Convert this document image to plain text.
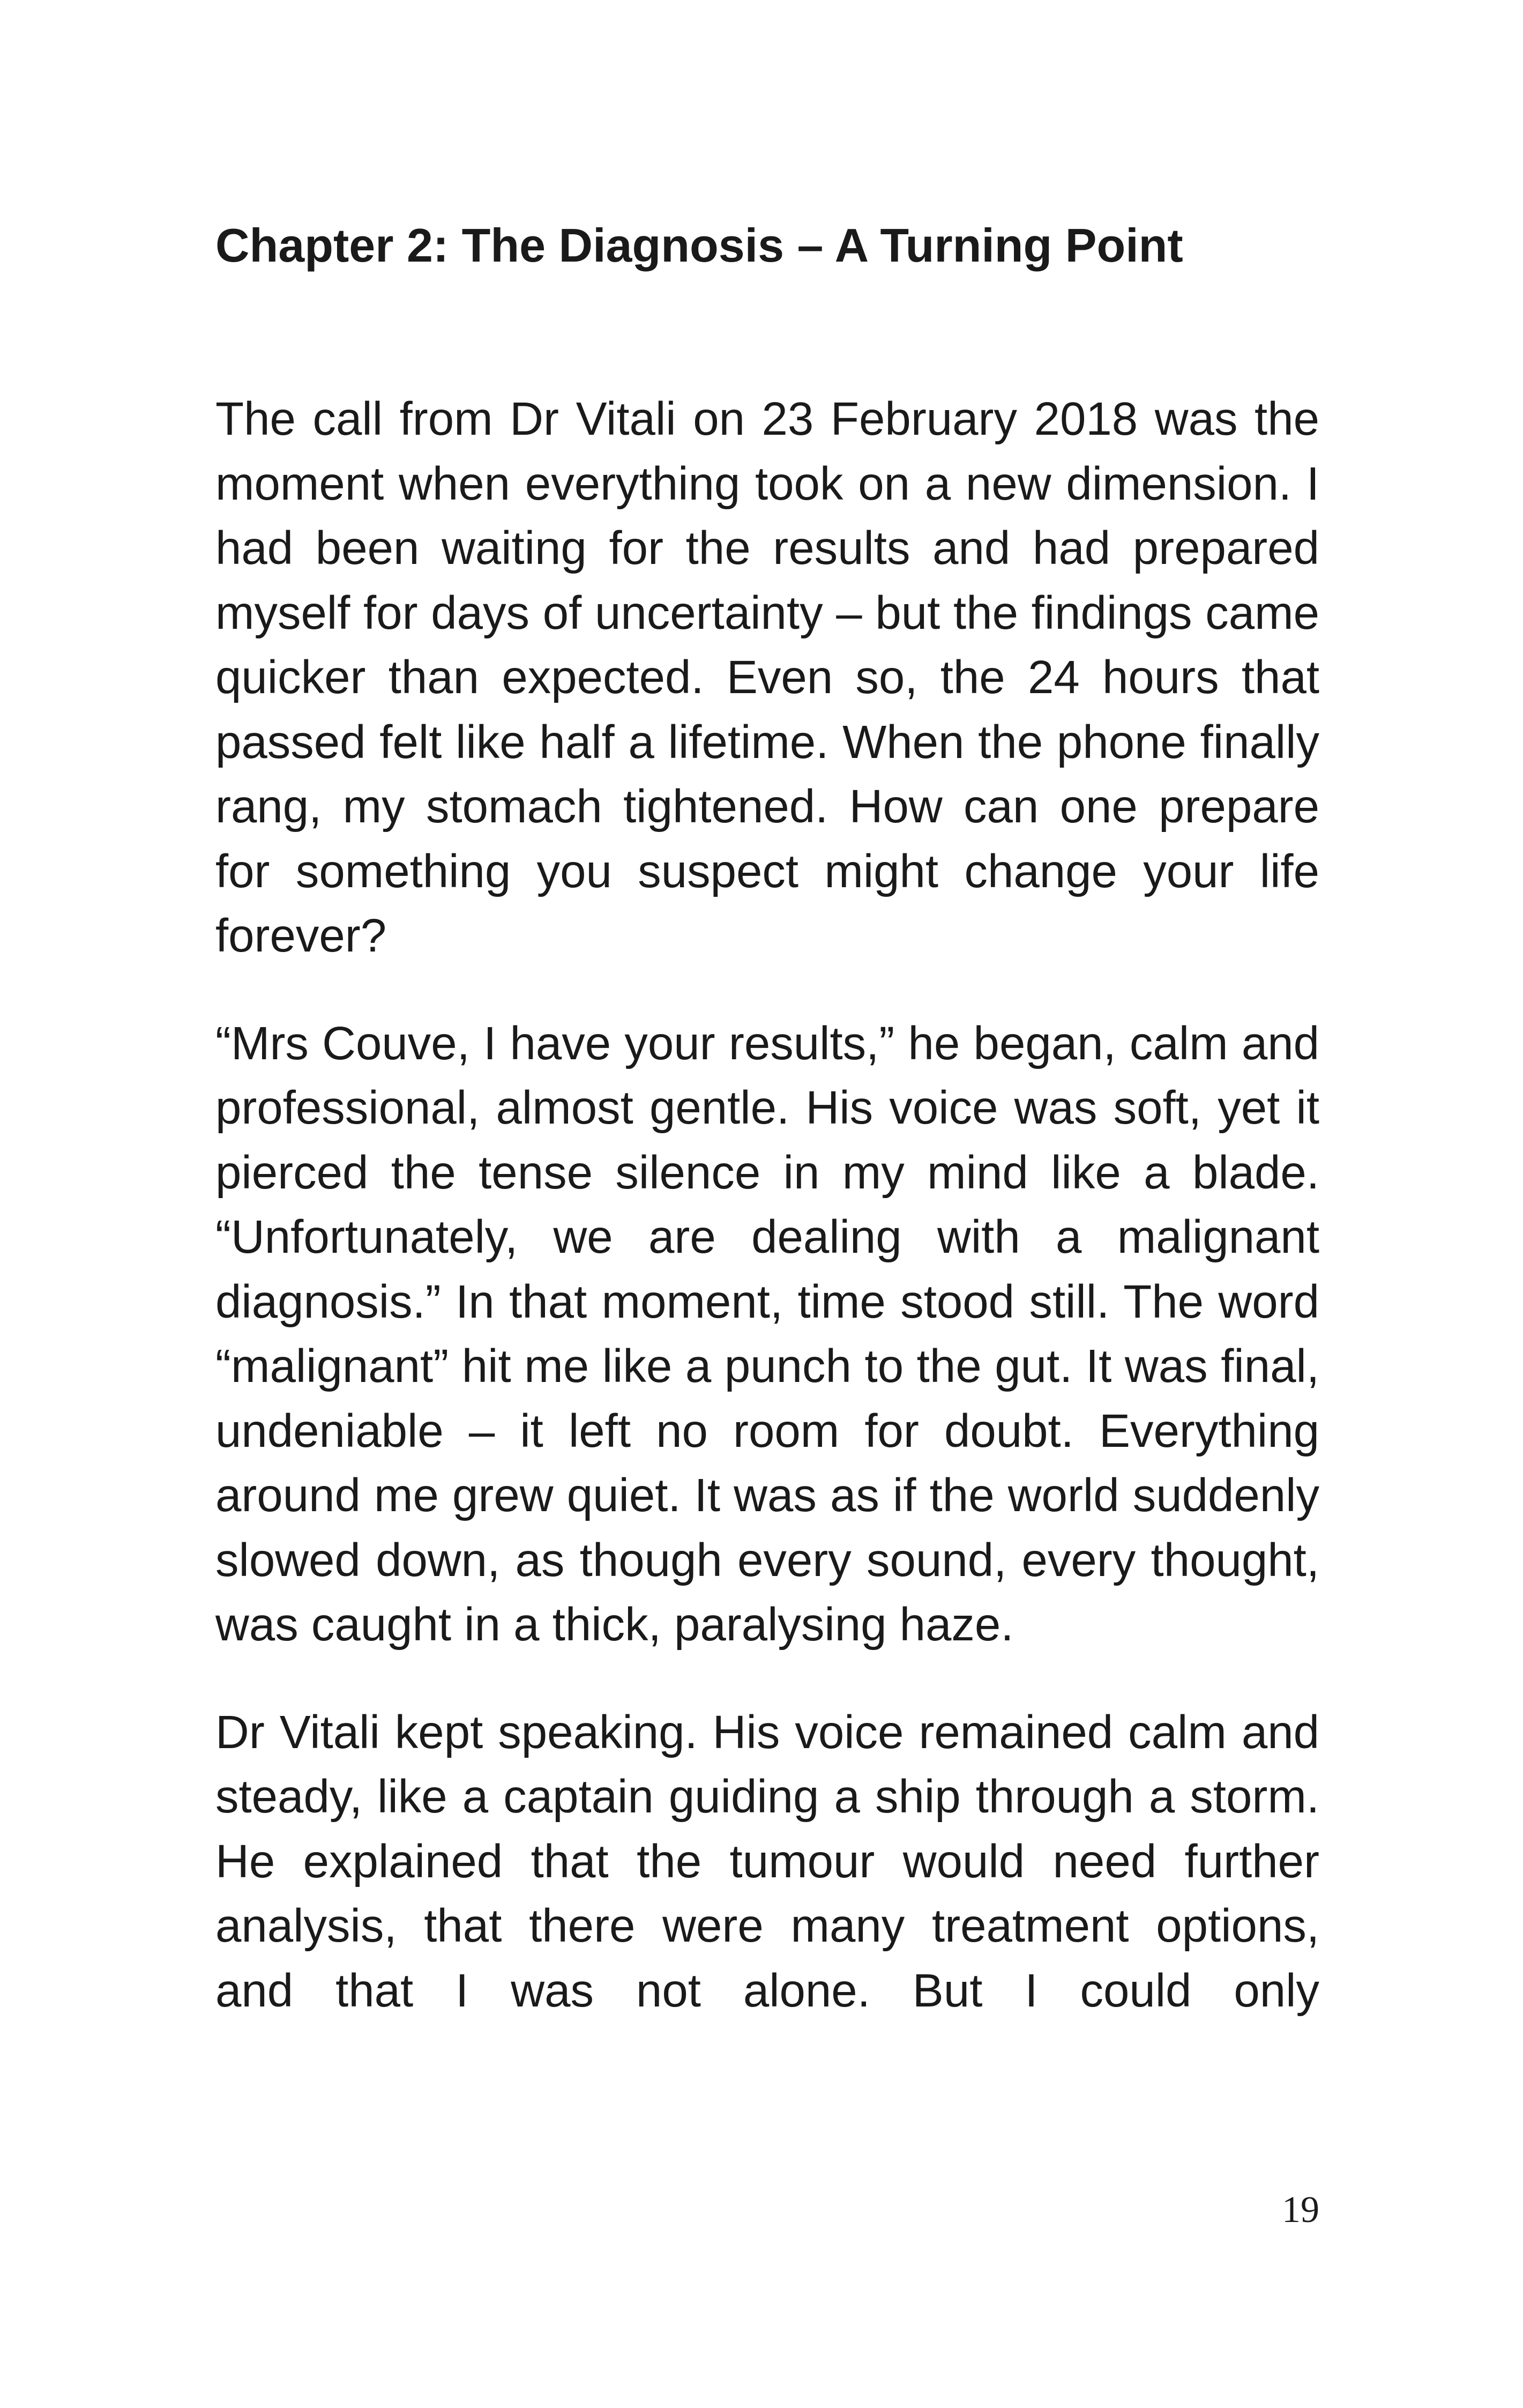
Chapter 2: The Diagnosis – A Turning Point

The call from Dr Vitali on 23 February 2018 was the moment when everything took on a new dimension. I had been waiting for the results and had prepared myself for days of uncertainty – but the findings came quicker than expected. Even so, the 24 hours that passed felt like half a lifetime. When the phone finally rang, my stomach tightened. How can one prepare for something you suspect might change your life forever?

“Mrs Couve, I have your results,” he began, calm and professional, almost gentle. His voice was soft, yet it pierced the tense silence in my mind like a blade. “Unfortunately, we are dealing with a malignant diagnosis.” In that moment, time stood still. The word “malignant” hit me like a punch to the gut. It was final, undeniable – it left no room for doubt. Everything around me grew quiet. It was as if the world suddenly slowed down, as though every sound, every thought, was caught in a thick, paralysing haze.

Dr Vitali kept speaking. His voice remained calm and steady, like a captain guiding a ship through a storm. He explained that the tumour would need further analysis, that there were many treatment options, and that I was not alone. But I could only

19
